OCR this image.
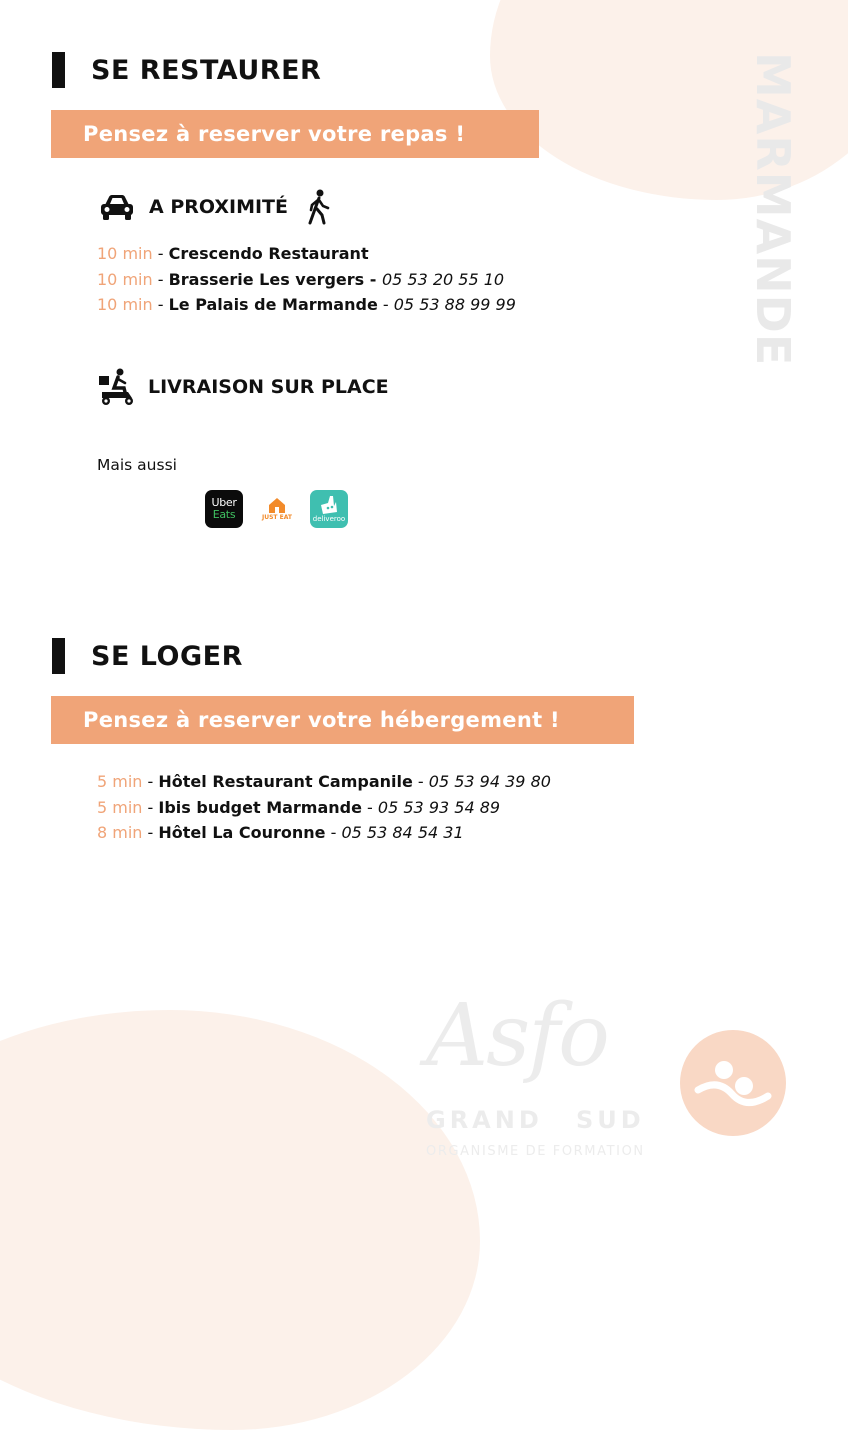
MARMANDE
SE RESTAURER
Pensez à reserver votre repas !
A PROXIMITÉ
10 min - Crescendo Restaurant
10 min - Brasserie Les vergers - 05 53 20 55 10
10 min - Le Palais de Marmande - 05 53 88 99 99
LIVRAISON SUR PLACE
Mais aussi
Uber
Eats	JUST EAT	deliveroo
SE LOGER
Pensez à reserver votre hébergement !
5 min - Hôtel Restaurant Campanile - 05 53 94 39 80
5 min - Ibis budget Marmande - 05 53 93 54 89
8 min - Hôtel La Couronne - 05 53 84 54 31
Asfo
GRAND SUD
ORGANISME DE FORMATION
